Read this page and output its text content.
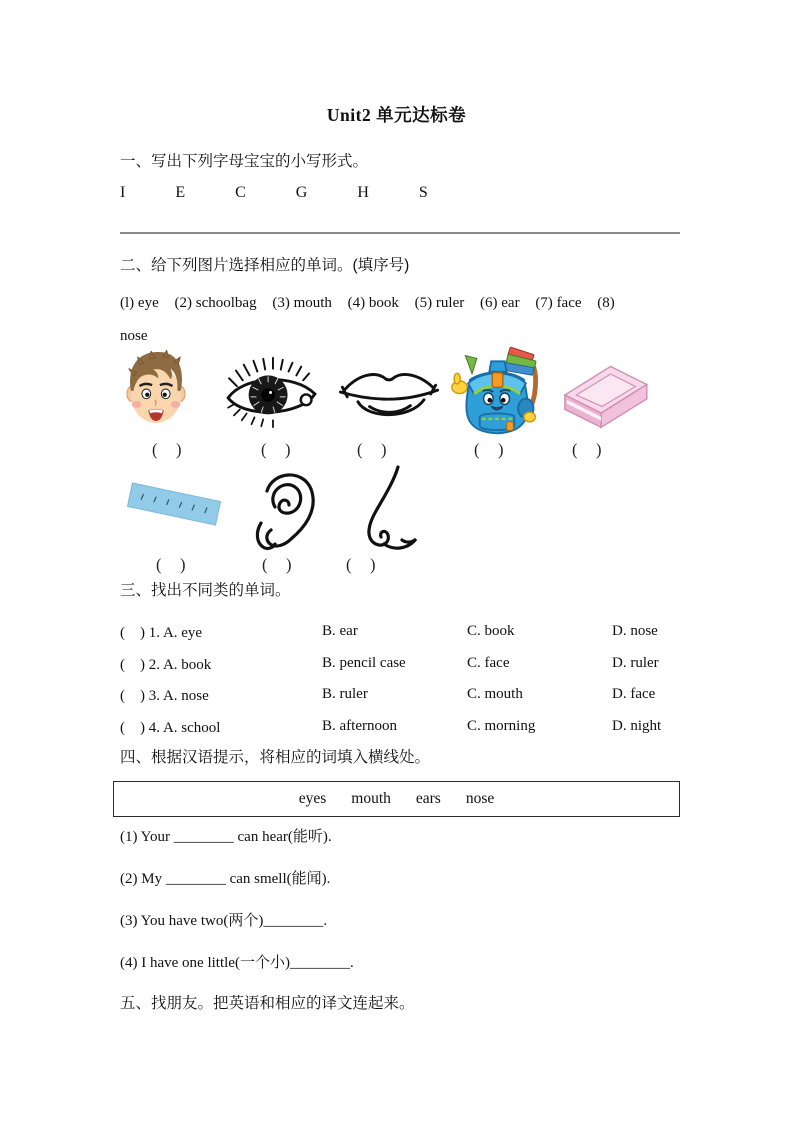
Unit2 单元达标卷
一、写出下列字母宝宝的小写形式。
I	E	C	G	H	S
二、给下列图片选择相应的单词。(填序号)
(l) eye (2) schoolbag (3) mouth (4) book (5) ruler (6) ear (7) face (8)
nose
(　)	(　)	(　)	(　)	(　)
(　)	(　)	(　)
三、找出不同类的单词。
(　) 1. A. eye	B. ear	C. book	D. nose
(　) 2. A. book	B. pencil case	C. face	D. ruler
(　) 3. A. nose	B. ruler	C. mouth	D. face
(　) 4. A. school	B. afternoon	C. morning	D. night
四、根据汉语提示，将相应的词填入横线处。
eyes mouth ears nose
(1) Your ________ can hear(能听).
(2) My ________ can smell(能闻).
(3) You have two(两个)________.
(4) I have one little(一个小)________.
五、找朋友。把英语和相应的译文连起来。
